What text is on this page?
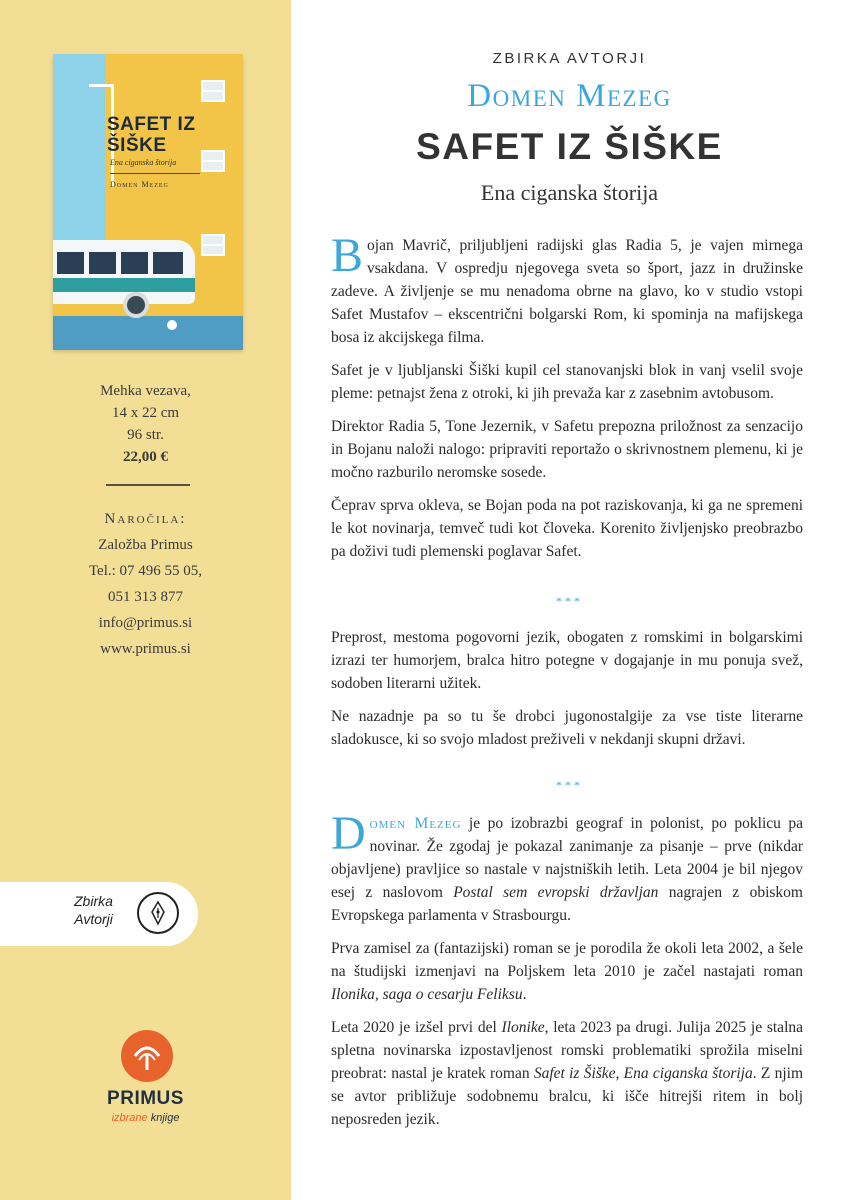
SAFET IZ
ŠIŠKE
Ena ciganska štorija
Domen Mezeg
Mehka vezava,
14 x 22 cm
96 str.
22,00 €
Naročila:
Založba Primus
Tel.: 07 496 55 05,
051 313 877
info@primus.si
www.primus.si
Zbirka
Avtorji
PRIMUS
izbrane knjige
ZBIRKA AVTORJI
Domen Mezeg
SAFET IZ ŠIŠKE
Ena ciganska štorija

Bojan Mavrič, priljubljeni radijski glas Radia 5, je vajen mirnega vsakdana. V ospredju njegovega sveta so šport, jazz in družinske zadeve. A življenje se mu nenadoma obrne na glavo, ko v studio vstopi Safet Mustafov – ekscentrični bolgarski Rom, ki spominja na mafijskega bosa iz akcijskega filma.

Safet je v ljubljanski Šiški kupil cel stanovanjski blok in vanj vselil svoje pleme: petnajst žena z otroki, ki jih prevaža kar z zasebnim avtobusom.

Direktor Radia 5, Tone Jezernik, v Safetu prepozna priložnost za senzacijo in Bojanu naloži nalogo: pripraviti reportažo o skrivnostnem plemenu, ki je močno razburilo neromske sosede.

Čeprav sprva okleva, se Bojan poda na pot raziskovanja, ki ga ne spremeni le kot novinarja, temveč tudi kot človeka. Korenito življenjsko preobrazbo pa doživi tudi plemenski poglavar Safet.

***

Preprost, mestoma pogovorni jezik, obogaten z romskimi in bolgarskimi izrazi ter humorjem, bralca hitro potegne v dogajanje in mu ponuja svež, sodoben literarni užitek.

Ne nazadnje pa so tu še drobci jugonostalgije za vse tiste literarne sladokusce, ki so svojo mladost preživeli v nekdanji skupni državi.

***

Domen Mezeg je po izobrazbi geograf in polonist, po poklicu pa novinar. Že zgodaj je pokazal zanimanje za pisanje – prve (nikdar objavljene) pravljice so nastale v najstniških letih. Leta 2004 je bil njegov esej z naslovom Postal sem evropski državljan nagrajen z obiskom Evropskega parlamenta v Strasbourgu.

Prva zamisel za (fantazijski) roman se je porodila že okoli leta 2002, a šele na študijski izmenjavi na Poljskem leta 2010 je začel nastajati roman Ilonika, saga o cesarju Feliksu.

Leta 2020 je izšel prvi del Ilonike, leta 2023 pa drugi. Julija 2025 je stalna spletna novinarska izpostavljenost romski problematiki sprožila miselni preobrat: nastal je kratek roman Safet iz Šiške, Ena ciganska štorija. Z njim se avtor približuje sodobnemu bralcu, ki išče hitrejši ritem in bolj neposreden jezik.
